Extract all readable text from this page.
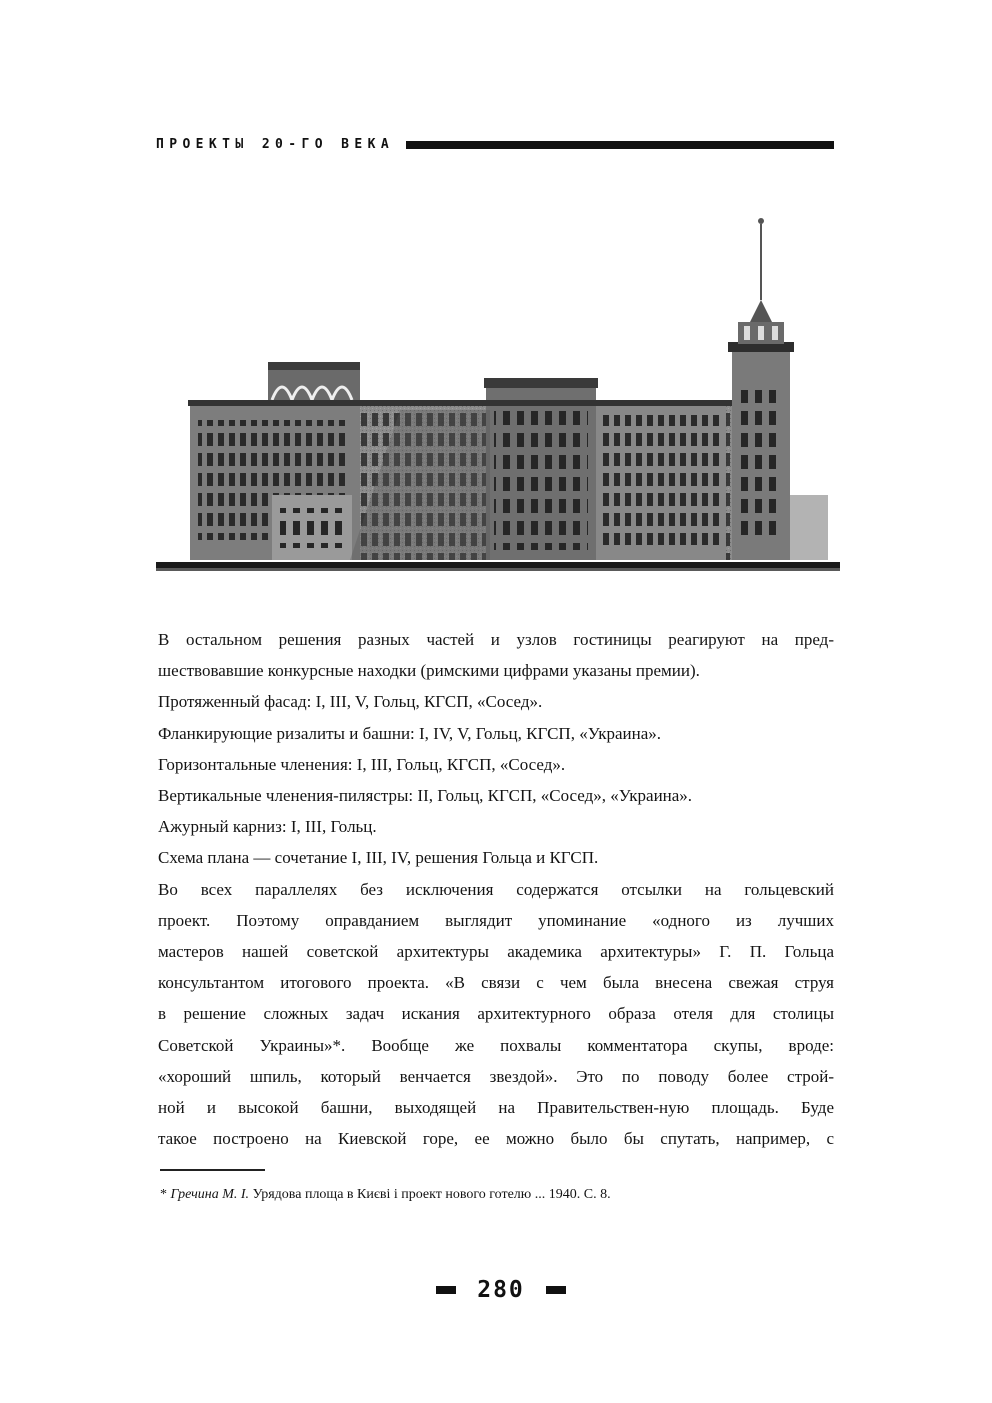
ПРОЕКТЫ 20-ГО ВЕКА

В остальном решения разных частей и узлов гостиницы реагируют на пред-

шествовавшие конкурсные находки (римскими цифрами указаны премии).

Протяженный фасад: I, III, V, Гольц, КГСП, «Сосед».

Фланкирующие ризалиты и башни: I, IV, V, Гольц, КГСП, «Украина».

Горизонтальные членения: I, III, Гольц, КГСП, «Сосед».

Вертикальные членения-пилястры: II, Гольц, КГСП, «Сосед», «Украина».

Ажурный карниз: I, III, Гольц.

Схема плана — сочетание I, III, IV, решения Гольца и КГСП.

Во всех параллелях без исключения содержатся отсылки на гольцевский

проект. Поэтому оправданием выглядит упоминание «одного из лучших

мастеров нашей советской архитектуры академика архитектуры» Г. П. Гольца

консультантом итогового проекта. «В связи с чем была внесена свежая струя

в решение сложных задач искания архитектурного образа отеля для столицы

Советской Украины»*. Вообще же похвалы комментатора скупы, вроде:

«хороший шпиль, который венчается звездой». Это по поводу более строй-

ной и высокой башни, выходящей на Правительствен-ную площадь. Буде

такое построено на Киевской горе, ее можно было бы спутать, например, с

* Гречина М. І. Урядова площа в Києві і проект нового готелю ... 1940. С. 8.
280
